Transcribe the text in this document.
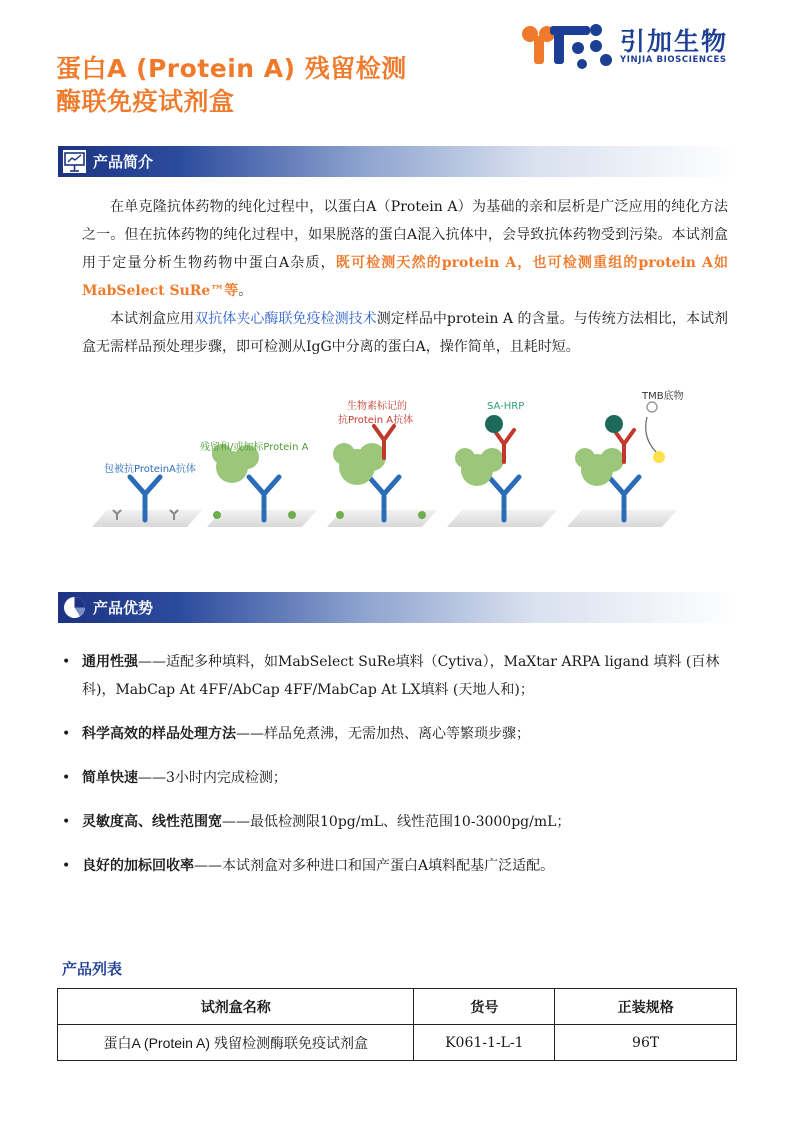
蛋白A (Protein A) 残留检测
酶联免疫试剂盒
引加生物
YINJIA BIOSCIENCES
产品简介

在单克隆抗体药物的纯化过程中，以蛋白A（Protein A）为基础的亲和层析是广泛应用的纯化方法之一。但在抗体药物的纯化过程中，如果脱落的蛋白A混入抗体中，会导致抗体药物受到污染。本试剂盒用于定量分析生物药物中蛋白A杂质，既可检测天然的protein A，也可检测重组的protein A如MabSelect SuRe™等。

本试剂盒应用双抗体夹心酶联免疫检测技术测定样品中protein A 的含量。与传统方法相比，本试剂盒无需样品预处理步骤，即可检测从IgG中分离的蛋白A，操作简单，且耗时短。

包被抗ProteinA抗体
残留和/或加标Protein A
生物素标记的
抗Protein A抗体
SA-HRP
TMB底物
产品优势
• 通用性强——适配多种填料，如MabSelect SuRe填料（Cytiva），MaXtar ARPA ligand 填料 (百林科)，MabCap At 4FF/AbCap 4FF/MabCap At LX填料 (天地人和)；
• 科学高效的样品处理方法——样品免煮沸，无需加热、离心等繁琐步骤；
• 简单快速——3小时内完成检测；
• 灵敏度高、线性范围宽——最低检测限10pg/mL、线性范围10-3000pg/mL；
• 良好的加标回收率——本试剂盒对多种进口和国产蛋白A填料配基广泛适配。
产品列表
试剂盒名称	货号	正装规格
蛋白A (Protein A) 残留检测酶联免疫试剂盒	K061-1-L-1	96T
